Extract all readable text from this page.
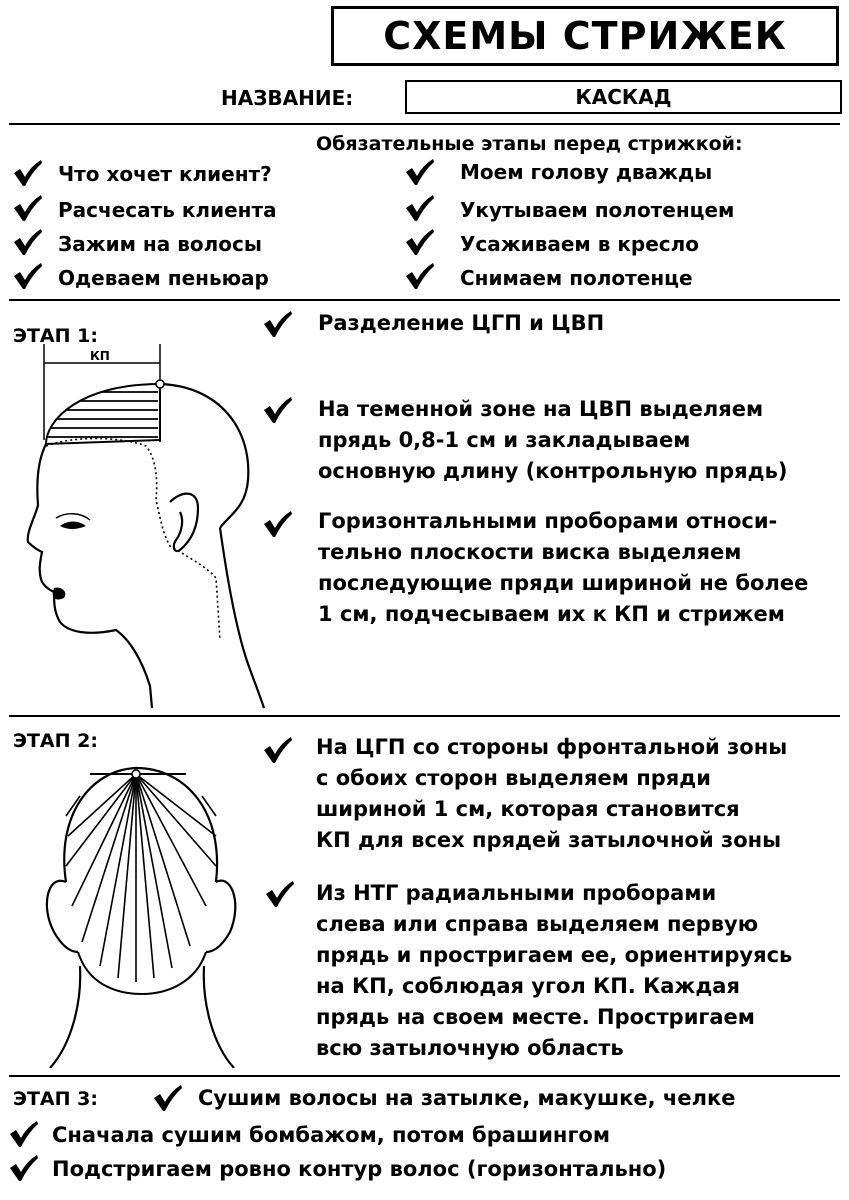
СХЕМЫ СТРИЖЕК
НАЗВАНИЕ:	КАСКАД
Обязательные этапы перед стрижкой:
Что хочет клиент?
Расчесать клиента
Зажим на волосы
Одеваем пеньюар
Моем голову дважды
Укутываем полотенцем
Усаживаем в кресло
Снимаем полотенце
ЭТАП 1:
КП
Разделение ЦГП и ЦВП
На теменной зоне на ЦВП выделяем
прядь 0,8-1 см и закладываем
основную длину (контрольную прядь)
Горизонтальными проборами относи-
тельно плоскости виска выделяем
последующие пряди шириной не более
1 см, подчесываем их к КП и стрижем
ЭТАП 2:	На ЦГП со стороны фронтальной зоны
с обоих сторон выделяем пряди
шириной 1 см, которая становится
КП для всех прядей затылочной зоны
Из НТГ радиальными проборами
слева или справа выделяем первую
прядь и простригаем ее, ориентируясь
на КП, соблюдая угол КП. Каждая
прядь на своем месте. Простригаем
всю затылочную область
ЭТАП 3:	Сушим волосы на затылке, макушке, челке
Сначала сушим бомбажом, потом брашингом
Подстригаем ровно контур волос (горизонтально)
